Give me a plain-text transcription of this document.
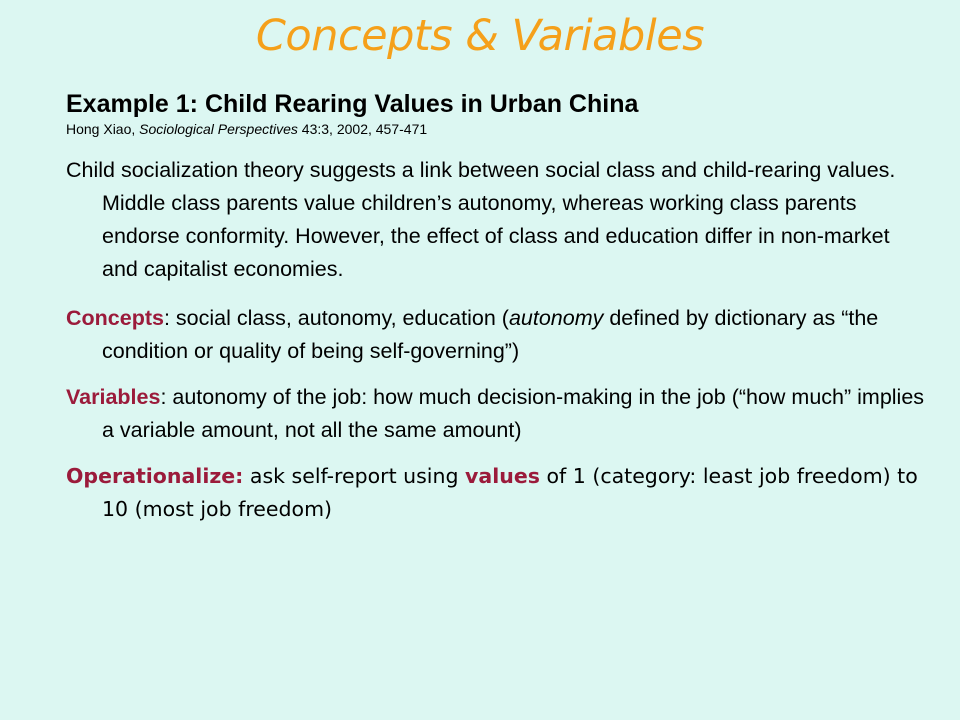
Concepts & Variables

Example 1: Child Rearing Values in Urban China

Hong Xiao, Sociological Perspectives 43:3, 2002, 457-471

Child socialization theory suggests a link between social class and child-rearing values. Middle class parents value children’s autonomy, whereas working class parents endorse conformity. However, the effect of class and education differ in non-market and capitalist economies.

Concepts: social class, autonomy, education (autonomy defined by dictionary as “the condition or quality of being self-governing”)

Variables: autonomy of the job: how much decision-making in the job (“how much” implies a variable amount, not all the same amount)

Operationalize: ask self-report using values of 1 (category: least job freedom) to 10 (most job freedom)
